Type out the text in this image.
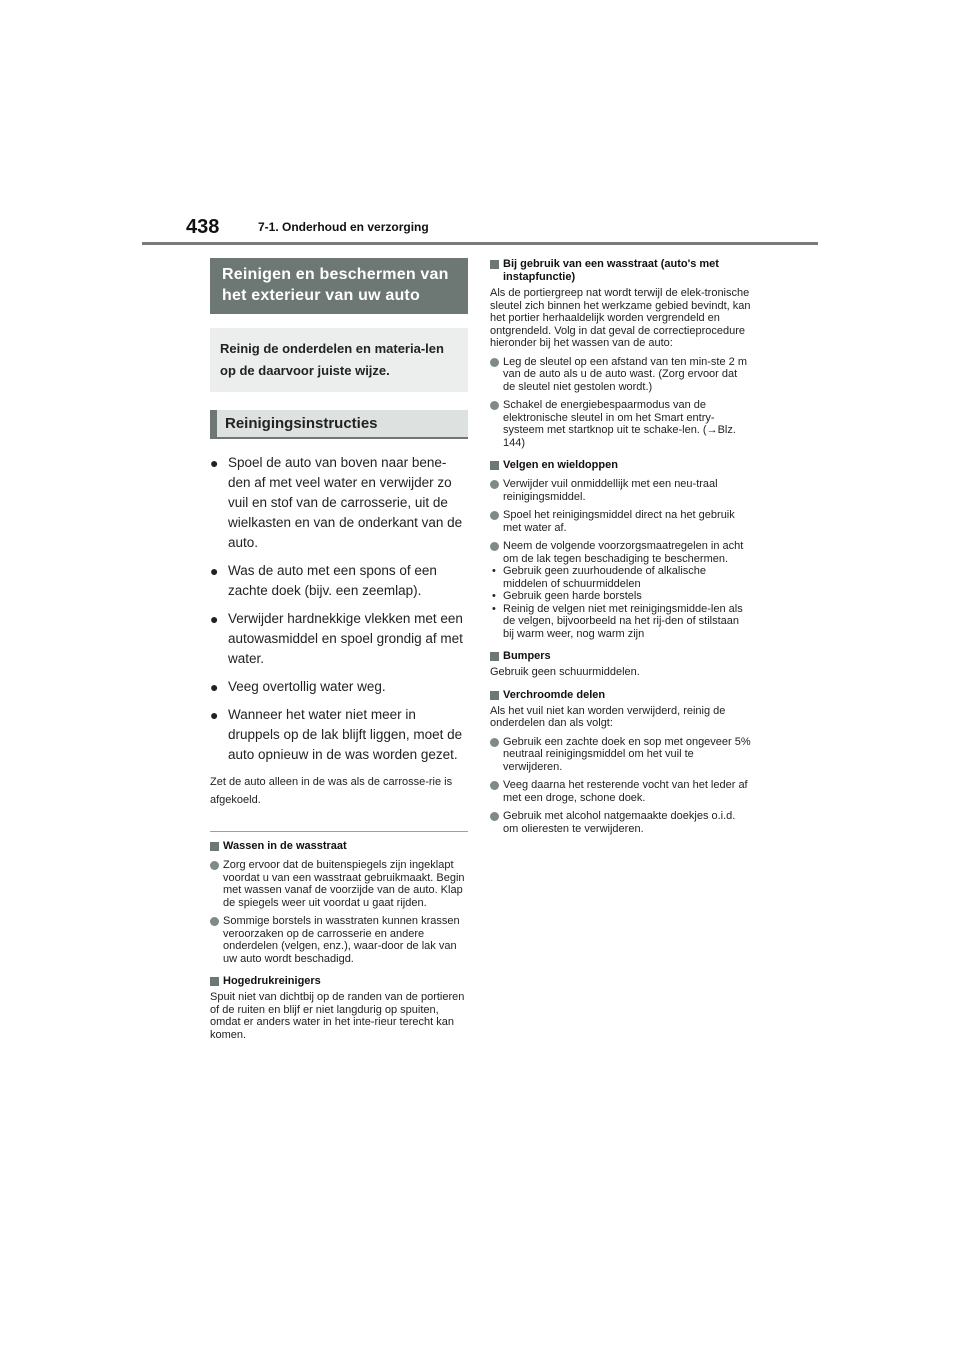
438	7-1. Onderhoud en verzorging
Reinigen en beschermen van het exterieur van uw auto
Reinig de onderdelen en materia-len op de daarvoor juiste wijze.
Reinigingsinstructies
● Spoel de auto van boven naar bene-den af met veel water en verwijder zo vuil en stof van de carrosserie, uit de wielkasten en van de onderkant van de auto.
● Was de auto met een spons of een zachte doek (bijv. een zeemlap).
● Verwijder hardnekkige vlekken met een autowasmiddel en spoel grondig af met water.
● Veeg overtollig water weg.
● Wanneer het water niet meer in druppels op de lak blijft liggen, moet de auto opnieuw in de was worden gezet.
Zet de auto alleen in de was als de carrosse-rie is afgekoeld.
Wassen in de wasstraat
Zorg ervoor dat de buitenspiegels zijn ingeklapt voordat u van een wasstraat gebruikmaakt. Begin met wassen vanaf de voorzijde van de auto. Klap de spiegels weer uit voordat u gaat rijden.
Sommige borstels in wasstraten kunnen krassen veroorzaken op de carrosserie en andere onderdelen (velgen, enz.), waar-door de lak van uw auto wordt beschadigd.
Hogedrukreinigers
Spuit niet van dichtbij op de randen van de portieren of de ruiten en blijf er niet langdurig op spuiten, omdat er anders water in het inte-rieur terecht kan komen.
Bij gebruik van een wasstraat (auto's met instapfunctie)
Als de portiergreep nat wordt terwijl de elek-tronische sleutel zich binnen het werkzame gebied bevindt, kan het portier herhaaldelijk worden vergrendeld en ontgrendeld. Volg in dat geval de correctieprocedure hieronder bij het wassen van de auto:
Leg de sleutel op een afstand van ten min-ste 2 m van de auto als u de auto wast. (Zorg ervoor dat de sleutel niet gestolen wordt.)
Schakel de energiebespaarmodus van de elektronische sleutel in om het Smart entry-systeem met startknop uit te schake-len. (→Blz. 144)
Velgen en wieldoppen
Verwijder vuil onmiddellijk met een neu-traal reinigingsmiddel.
Spoel het reinigingsmiddel direct na het gebruik met water af.
Neem de volgende voorzorgsmaatregelen in acht om de lak tegen beschadiging te beschermen.
• Gebruik geen zuurhoudende of alkalische middelen of schuurmiddelen
• Gebruik geen harde borstels
• Reinig de velgen niet met reinigingsmidde-len als de velgen, bijvoorbeeld na het rij-den of stilstaan bij warm weer, nog warm zijn
Bumpers
Gebruik geen schuurmiddelen.
Verchroomde delen
Als het vuil niet kan worden verwijderd, reinig de onderdelen dan als volgt:
Gebruik een zachte doek en sop met ongeveer 5% neutraal reinigingsmiddel om het vuil te verwijderen.
Veeg daarna het resterende vocht van het leder af met een droge, schone doek.
Gebruik met alcohol natgemaakte doekjes o.i.d. om olieresten te verwijderen.
